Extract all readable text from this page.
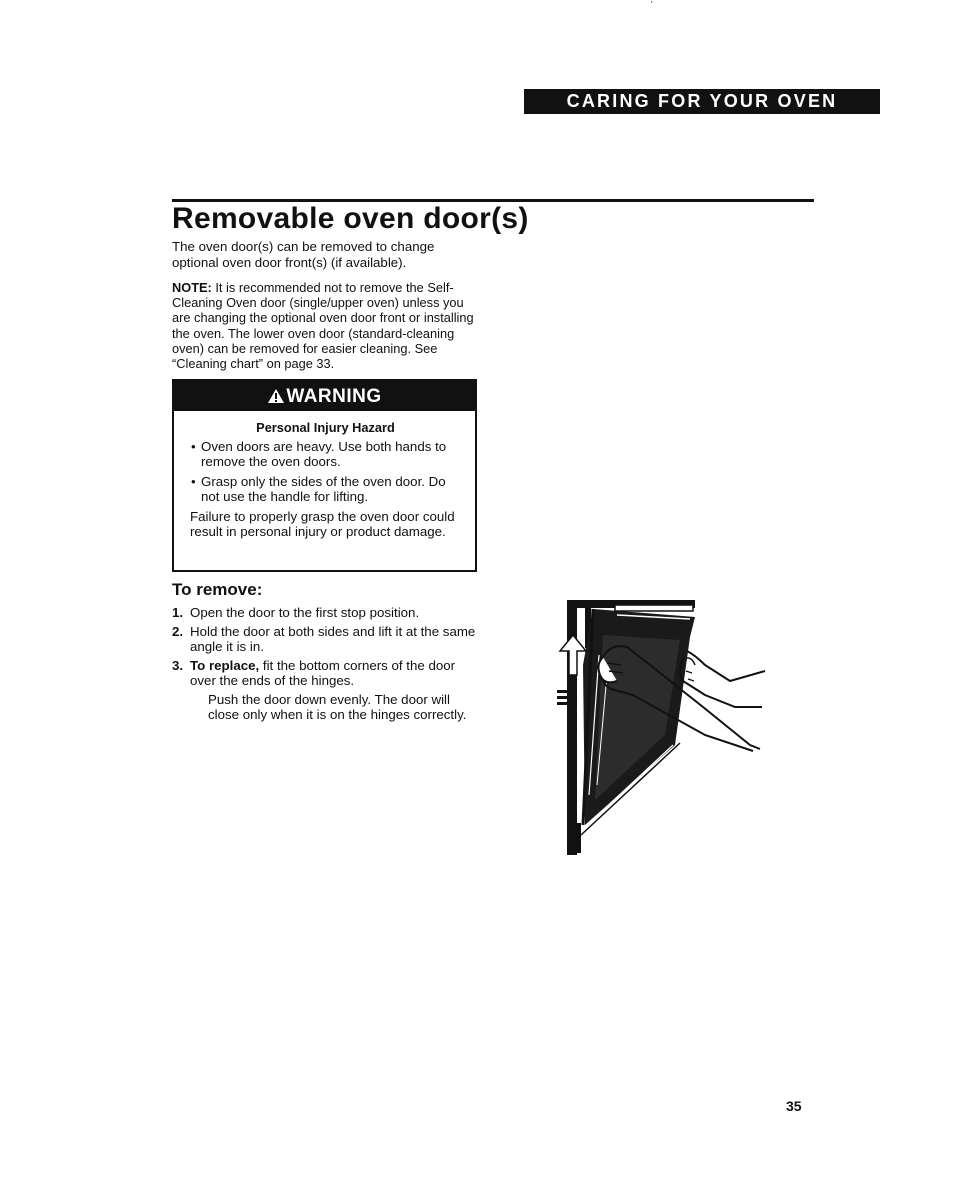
CARING FOR YOUR OVEN
'
Removable oven door(s)

The oven door(s) can be removed to change optional oven door front(s) (if available).

NOTE: It is recommended not to remove the Self-Cleaning Oven door (single/upper oven) unless you are changing the optional oven door front or installing the oven. The lower oven door (standard-cleaning oven) can be removed for easier cleaning. See “Cleaning chart” on page 33.

WARNING
Personal Injury Hazard
• Oven doors are heavy. Use both hands to remove the oven doors.
• Grasp only the sides of the oven door. Do not use the handle for lifting.
Failure to properly grasp the oven door could result in personal injury or product damage.
To remove:
1. Open the door to the first stop position.
2. Hold the door at both sides and lift it at the same angle it is in.
3. To replace, fit the bottom corners of the door over the ends of the hinges.
Push the door down evenly. The door will close only when it is on the hinges correctly.
35
